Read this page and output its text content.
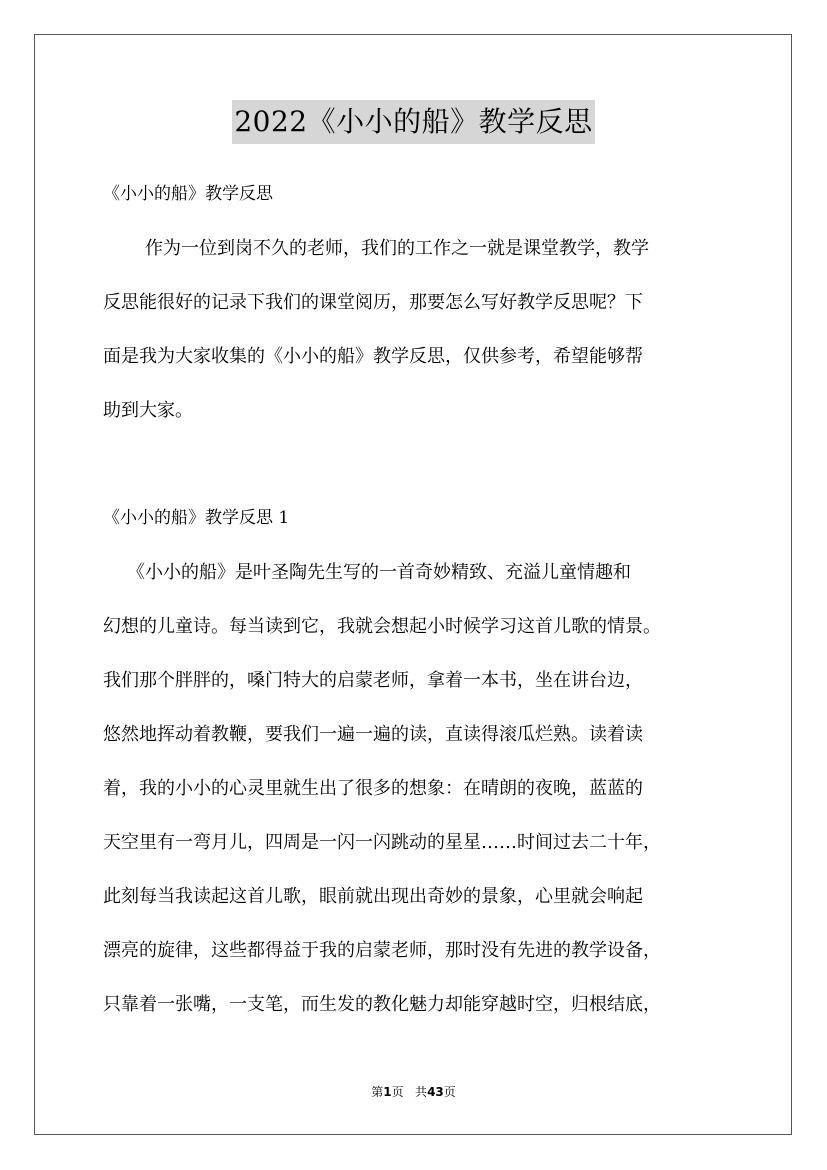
2022《小小的船》教学反思
《小小的船》教学反思
作为一位到岗不久的老师，我们的工作之一就是课堂教学，教学
反思能很好的记录下我们的课堂阅历，那要怎么写好教学反思呢？下
面是我为大家收集的《小小的船》教学反思，仅供参考，希望能够帮
助到大家。
《小小的船》教学反思 1
《小小的船》是叶圣陶先生写的一首奇妙精致、充溢儿童情趣和
幻想的儿童诗。每当读到它，我就会想起小时候学习这首儿歌的情景。
我们那个胖胖的，嗓门特大的启蒙老师，拿着一本书，坐在讲台边，
悠然地挥动着教鞭，要我们一遍一遍的读，直读得滚瓜烂熟。读着读
着，我的小小的心灵里就生出了很多的想象：在晴朗的夜晚，蓝蓝的
天空里有一弯月儿，四周是一闪一闪跳动的星星……时间过去二十年，
此刻每当我读起这首儿歌，眼前就出现出奇妙的景象，心里就会响起
漂亮的旋律，这些都得益于我的启蒙老师，那时没有先进的教学设备，
只靠着一张嘴，一支笔，而生发的教化魅力却能穿越时空，归根结底，
第1页 共43页
